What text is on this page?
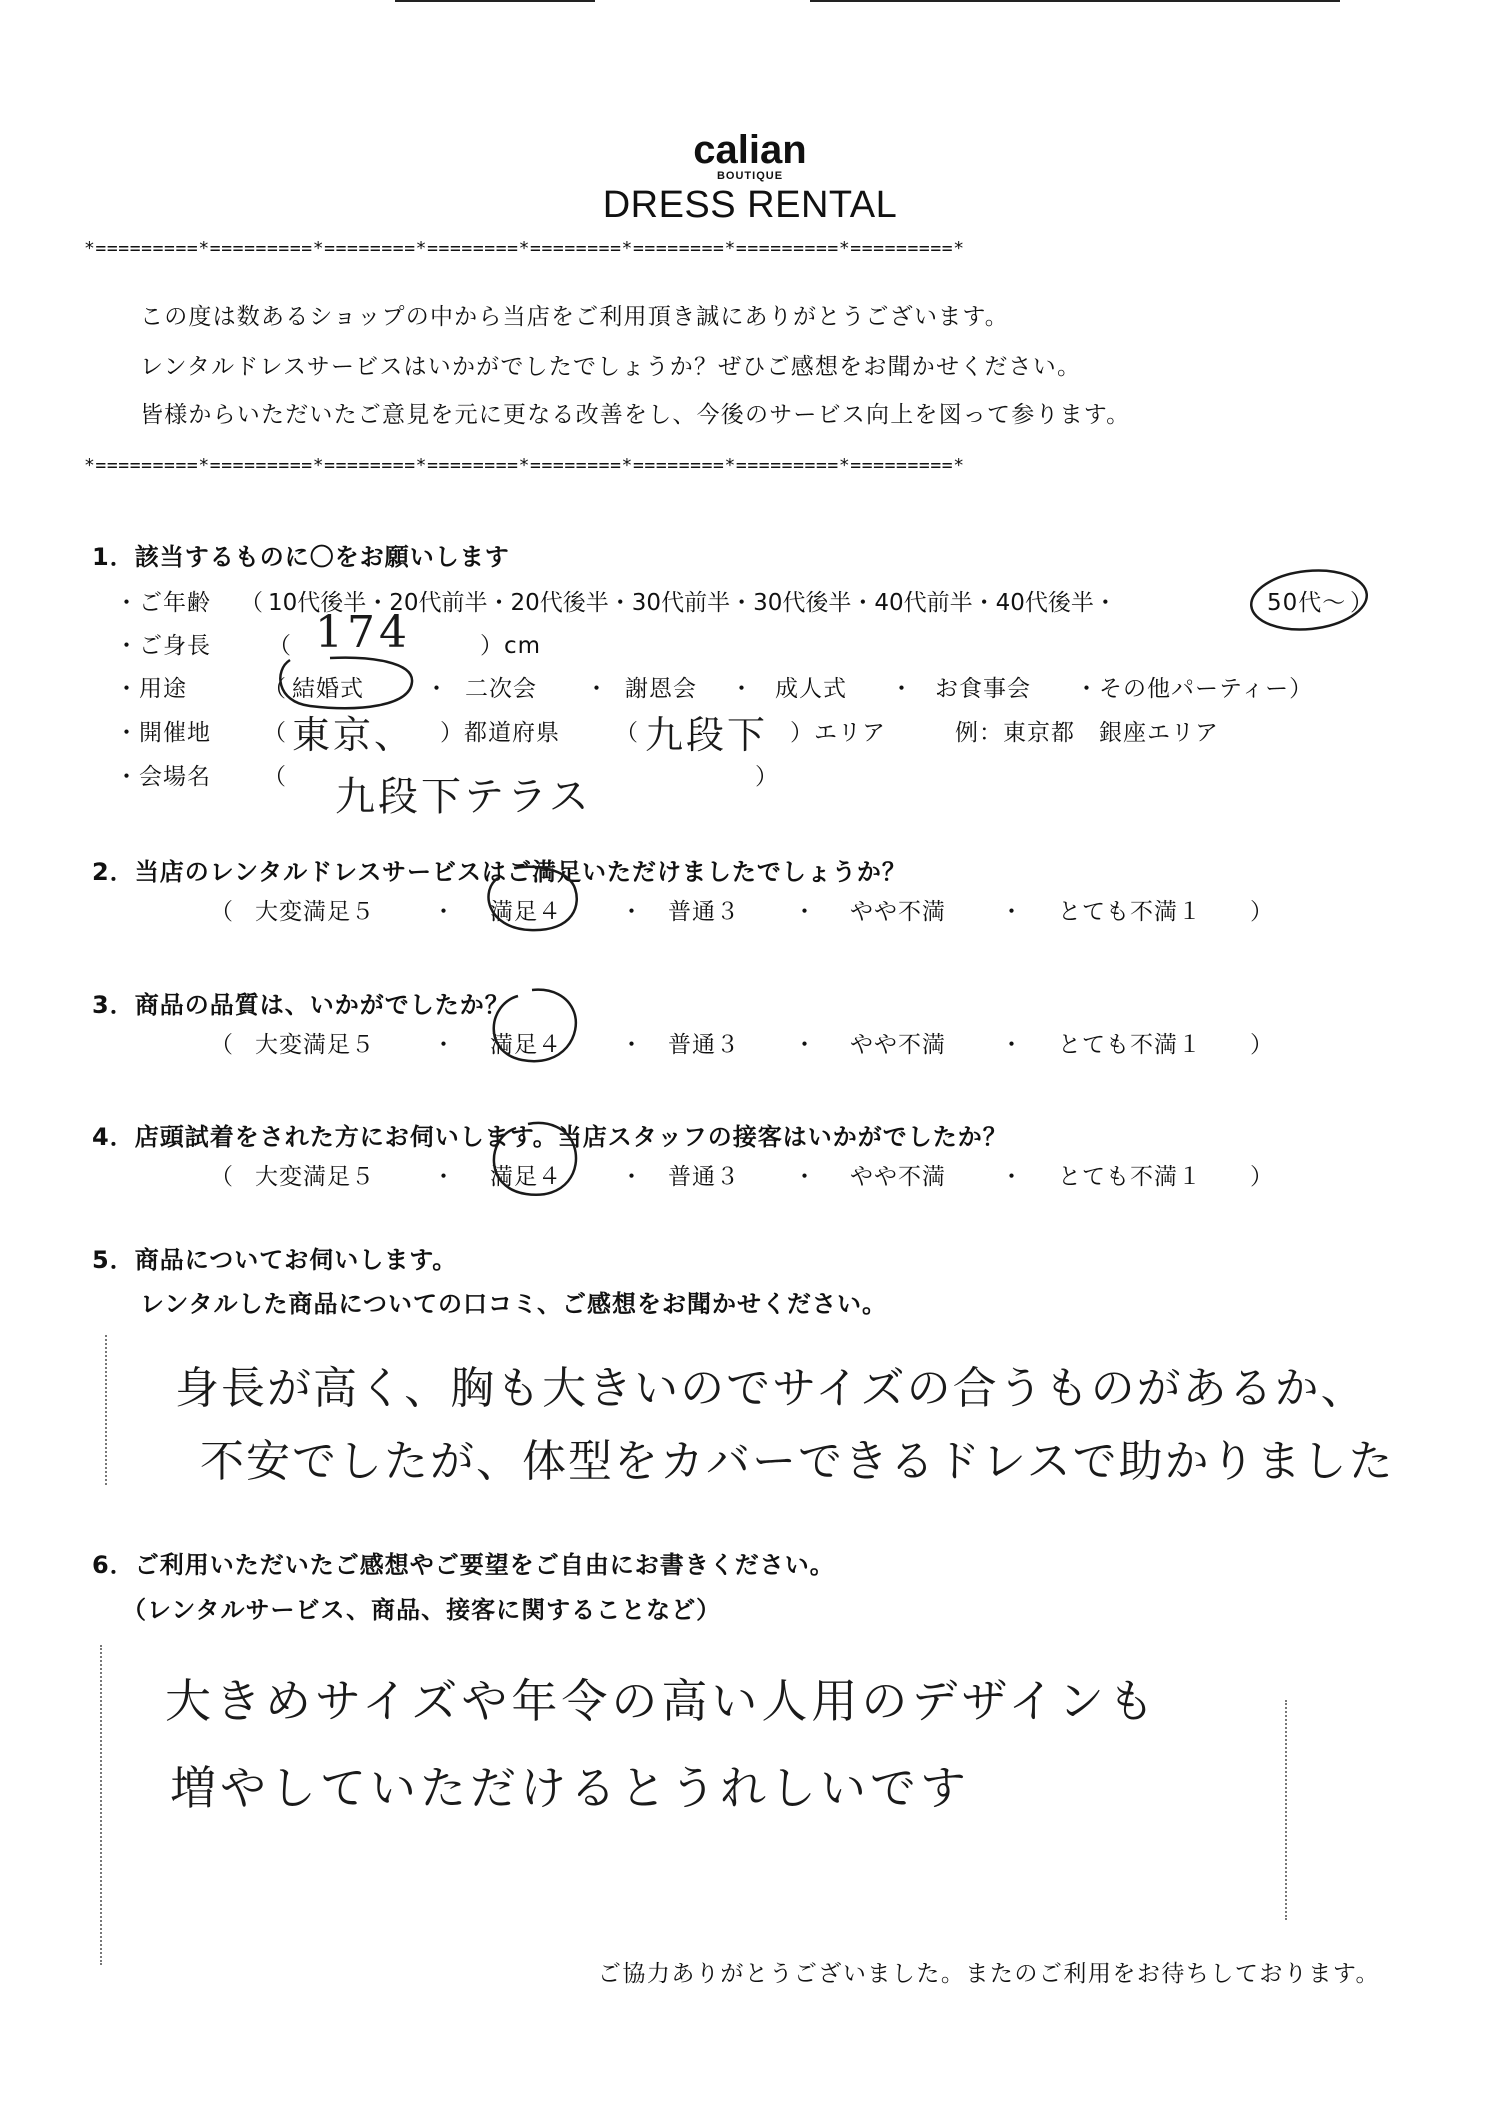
calian
BOUTIQUE
DRESS RENTAL
*=========*=========*========*========*========*========*=========*=========*
この度は数あるショップの中から当店をご利用頂き誠にありがとうございます。
レンタルドレスサービスはいかがでしたでしょうか？ぜひご感想をお聞かせください。
皆様からいただいたご意見を元に更なる改善をし、今後のサービス向上を図って参ります。
*=========*=========*========*========*========*========*=========*=========*
1．該当するものに〇をお願いします
・ご年齢 （ 10代後半・20代前半・20代後半・30代前半・30代後半・40代前半・40代後半・	50代～ ）
・ご身長 （ 174	）cm
・用途	（ 結婚式	・ 二次会 ・ 謝恩会 ・ 成人式 ・ お食事会 ・その他パーティー）
・開催地 （ 東京、 ）都道府県 （ 九段下 ）エリア	例：東京都　銀座エリア
・会場名 （ 九段下テラス	）
2．当店のレンタルドレスサービスはご満足いただけましたでしょうか？
（ 大変満足５ ・ 満足４	・ 普通３ ・ やや不満 ・ とても不満１ ）
3．商品の品質は、いかがでしたか？
（ 大変満足５ ・ 満足４	・ 普通３ ・ やや不満 ・ とても不満１ ）
4．店頭試着をされた方にお伺いします。当店スタッフの接客はいかがでしたか？
（ 大変満足５ ・ 満足４	・ 普通３ ・ やや不満 ・ とても不満１ ）
5．商品についてお伺いします。
レンタルした商品についての口コミ、ご感想をお聞かせください。
身長が高く、胸も大きいのでサイズの合うものがあるか、
不安でしたが、体型をカバーできるドレスで助かりました
6．ご利用いただいたご感想やご要望をご自由にお書きください。
（レンタルサービス、商品、接客に関することなど）
大きめサイズや年令の高い人用のデザインも
増やしていただけるとうれしいです
ご協力ありがとうございました。またのご利用をお待ちしております。
